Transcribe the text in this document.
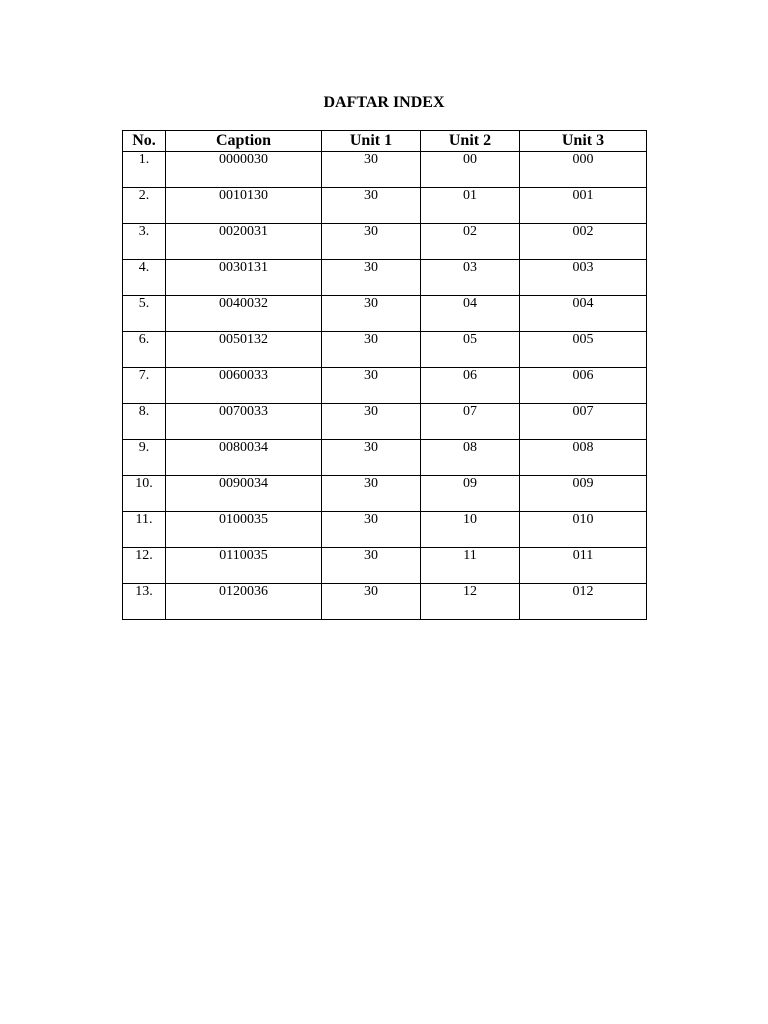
DAFTAR INDEX
No.	Caption	Unit 1	Unit 2	Unit 3
1.	0000030	30	00	000
2.	0010130	30	01	001
3.	0020031	30	02	002
4.	0030131	30	03	003
5.	0040032	30	04	004
6.	0050132	30	05	005
7.	0060033	30	06	006
8.	0070033	30	07	007
9.	0080034	30	08	008
10.	0090034	30	09	009
11.	0100035	30	10	010
12.	0110035	30	11	011
13.	0120036	30	12	012
